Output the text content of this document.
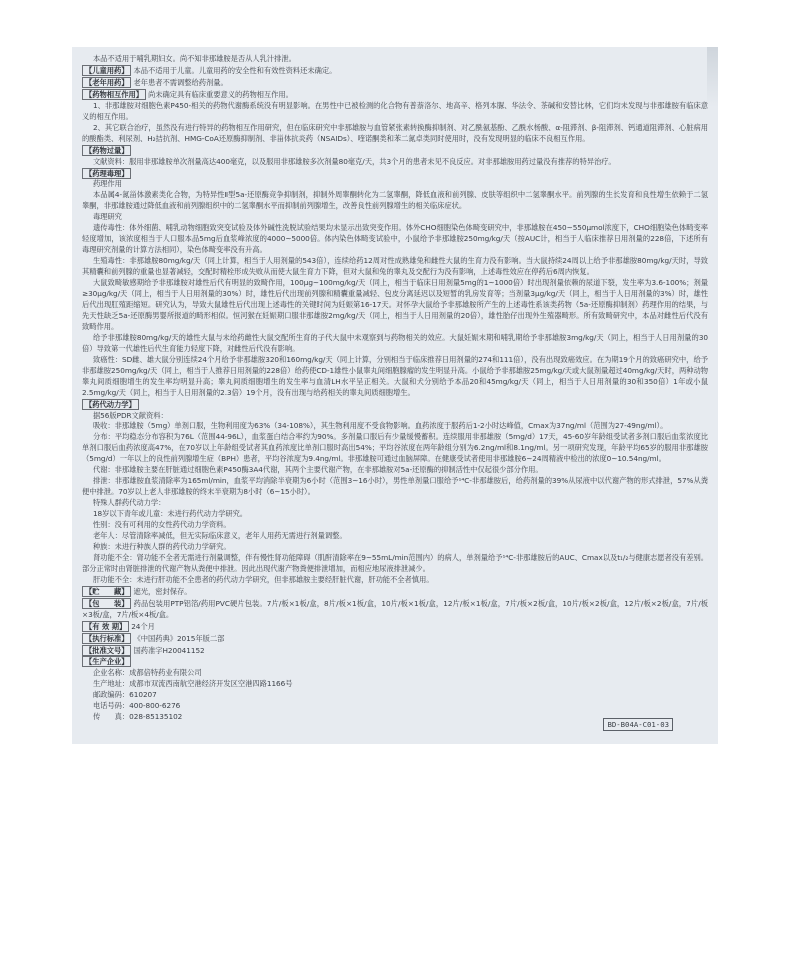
本品不适用于哺乳期妇女。尚不知非那雄胺是否从人乳汁排泄。

【儿童用药】 本品不适用于儿童。儿童用药的安全性和有效性资料还未确定。

【老年用药】 老年患者不需调整给药剂量。

【药物相互作用】 尚未确定具有临床重要意义的药物相互作用。

1、非那雄胺对细胞色素P450-相关的药物代谢酶系统没有明显影响。在男性中已被检测的化合物有普萘洛尔、地高辛、格列本脲、华法令、茶碱和安替比林，它们均未发现与非那雄胺有临床意义的相互作用。

2、其它联合治疗，虽然没有进行特异的药物相互作用研究，但在临床研究中非那雄胺与血管紧张素转换酶抑制剂、对乙酰氨基酚、乙酰水杨酸、α-阻滞剂、β-阻滞剂、钙通道阻滞剂、心脏病用的酸酯类、利尿剂、H₂拮抗剂、HMG-CoA还原酶抑制剂、非甾体抗炎药（NSAIDs）、喹诺酮类和苯二氮卓类同时使用时，没有发现明显的临床不良相互作用。

【药物过量】

文献资料：服用非那雄胺单次剂量高达400毫克，以及服用非那雄胺多次剂量80毫克/天，共3个月的患者未见不良反应。对非那雄胺用药过量没有推荐的特异治疗。

【药理毒理】

药理作用

本品属4-氮甾体激素类化合物，为特异性Ⅱ型5a-还原酶竞争抑制剂，抑制外周睾酮转化为二氢睾酮，降低血液和前列腺、皮肤等组织中二氢睾酮水平。前列腺的生长发育和良性增生依赖于二氢睾酮，非那雄胺通过降低血液和前列腺组织中的二氢睾酮水平而抑制前列腺增生，改善良性前列腺增生的相关临床症状。

毒理研究

遗传毒性：体外细菌、哺乳动物细胞致突变试验及体外碱性洗脱试验结果均未显示出致突变作用。体外CHO细胞染色体畸变研究中，非那雄胺在450~550μmol浓度下，CHO细胞染色体畸变率轻度增加，该浓度相当于人口服本品5mg后血浆峰浓度的4000~5000倍。体内染色体畸变试验中，小鼠给予非那雄胺250mg/kg/天（按AUC计，相当于人临床推荐日用剂量的228倍，下述所有毒理研究剂量的计算方法相同），染色体畸变率没有升高。

生殖毒性：非那雄胺80mg/kg/天（同上计算，相当于人用剂量的543倍），连续给药12周对性成熟雄兔和雌性大鼠的生育力没有影响。当大鼠持续24周以上给予非那雄胺80mg/kg/天时，导致其精囊和前列腺的重量也显著减轻，交配时精栓形成失败从而使大鼠生育力下降，但对大鼠和兔的睾丸及交配行为没有影响，上述毒性效应在停药后6周内恢复。

大鼠致畸敏感期给予非那雄胺对雄性后代有明显的致畸作用，100μg~100mg/kg/天（同上，相当于临床日用剂量5mg的1~1000倍）时出现剂量依赖的尿道下裂，发生率为3.6-100%；剂量≥30μg/kg/天（同上，相当于人日用剂量的30%）时，雄性后代出现前列腺和精囊重量减轻、包皮分离延迟以及短暂的乳房发育等；当剂量3μg/kg/天（同上，相当于人日用剂量的3%）时，雄性后代出现肛殖距缩短。研究认为，导致大鼠雄性后代出现上述毒性的关键时间为妊娠第16-17天。对怀孕大鼠给予非那雄胺所产生的上述毒性系该类药物（5a-还原酶抑制剂）药理作用的结果，与先天性缺乏5a-还原酶男婴所报道的畸形相似。恒河猴在妊娠期口服非那雄胺2mg/kg/天（同上，相当于人日用剂量的20倍），雄性胎仔出现外生殖器畸形。所有致畸研究中，本品对雌性后代没有致畸作用。

给予非那雄胺80mg/kg/天的雄性大鼠与未给药雌性大鼠交配所生育的子代大鼠中未观察到与药物相关的效应。大鼠妊娠末期和哺乳期给予非那雄胺3mg/kg/天（同上，相当于人日用剂量的30倍）导致第一代雄性后代生育能力轻度下降，对雌性后代没有影响。

致癌性：SD雌、雄大鼠分别连续24个月给予非那雄胺320和160mg/kg/天（同上计算，分别相当于临床推荐日用剂量的274和111倍），没有出现致癌效应。在为期19个月的致癌研究中，给予非那雄胺250mg/kg/天（同上，相当于人推荐日用剂量的228倍）给药使CD-1雄性小鼠睾丸间细胞腺瘤的发生明显升高。小鼠给予非那雄胺25mg/kg/天或大鼠剂量超过40mg/kg/天时，两种动物睾丸间质细胞增生的发生率均明显升高；睾丸间质细胞增生的发生率与血清LH水平呈正相关。大鼠和犬分别给予本品20和45mg/kg/天（同上，相当于人日用剂量的30和350倍）1年或小鼠2.5mg/kg/天（同上，相当于人日用剂量的2.3倍）19个月，没有出现与给药相关的睾丸间质细胞增生。

【药代动力学】

据56版PDR文献资料：

吸收：非那雄胺（5mg）单剂口服，生物利用度为63%（34-108%），其生物利用度不受食物影响。血药浓度于服药后1-2小时达峰值，Cmax为37ng/ml（范围为27-49ng/ml）。

分布：平均稳态分布容积为76L（范围44-96L），血浆蛋白结合率约为90%。多剂量口服后有少量缓慢蓄积。连续服用非那雄胺（5mg/d）17天，45-60岁年龄组受试者多剂口服后血浆浓度比单剂口服后血药浓度高47%，在70岁以上年龄组受试者其血药浓度比单剂口服时高出54%；平均谷浓度在两年龄组分别为6.2ng/ml和8.1ng/ml。另一项研究发现，年龄平均65岁的服用非那雄胺（5mg/d）一年以上的良性前列腺增生症（BPH）患者，平均谷浓度为9.4ng/ml。非那雄胺可通过血脑屏障。在健康受试者使用非那雄胺6~24周精液中检出的浓度0~10.54ng/ml。

代谢：非那雄胺主要在肝脏通过细胞色素P450酶3A4代谢，其两个主要代谢产物，在非那雄胺对5a-还原酶的抑制活性中仅起很少部分作用。

排泄：非那雄胺血浆清除率为165ml/min，血浆平均消除半衰期为6小时（范围3~16小时），男性单剂量口服给予¹⁴C-非那雄胺后，给药剂量的39%从尿液中以代谢产物的形式排泄，57%从粪便中排泄。70岁以上老人非那雄胺的终末半衰期为8小时（6~15小时）。

特殊人群药代动力学：

18岁以下青年或儿童：未进行药代动力学研究。

性别：没有可利用的女性药代动力学资料。

老年人：尽管清除率减低，但无实际临床意义，老年人用药无需进行剂量调整。

种族：未进行种族人群的药代动力学研究。

肾功能不全：肾功能不全者无需进行剂量调整，伴有慢性肾功能障碍（肌酐清除率在9~55mL/min范围内）的病人，单剂量给予¹⁴C-非那雄胺后的AUC、Cmax以及t₁/₂与健康志愿者没有差别。部分正常时由肾脏排泄的代谢产物从粪便中排泄。因此出现代谢产物粪便排泄增加，而相应地尿液排泄减少。

肝功能不全：未进行肝功能不全患者的药代动力学研究，但非那雄胺主要经肝脏代谢，肝功能不全者慎用。

【贮　　藏】 遮光，密封保存。

【包　　装】 药品包装用PTP铝箔/药用PVC硬片包装。7片/板×1板/盒，8片/板×1板/盒，10片/板×1板/盒，12片/板×1板/盒，7片/板×2板/盒，10片/板×2板/盒，12片/板×2板/盒，7片/板×3板/盒，7片/板×4板/盒。

【有 效 期】 24个月

【执行标准】 《中国药典》2015年版二部

【批准文号】 国药准字H20041152

【生产企业】

企业名称：成都倍特药业有限公司

生产地址：成都市双流西南航空港经济开发区空港四路1166号

邮政编码：610207

电话号码：400-800-6276

传　　真：028-85135102

BD-B04A-C01-03
